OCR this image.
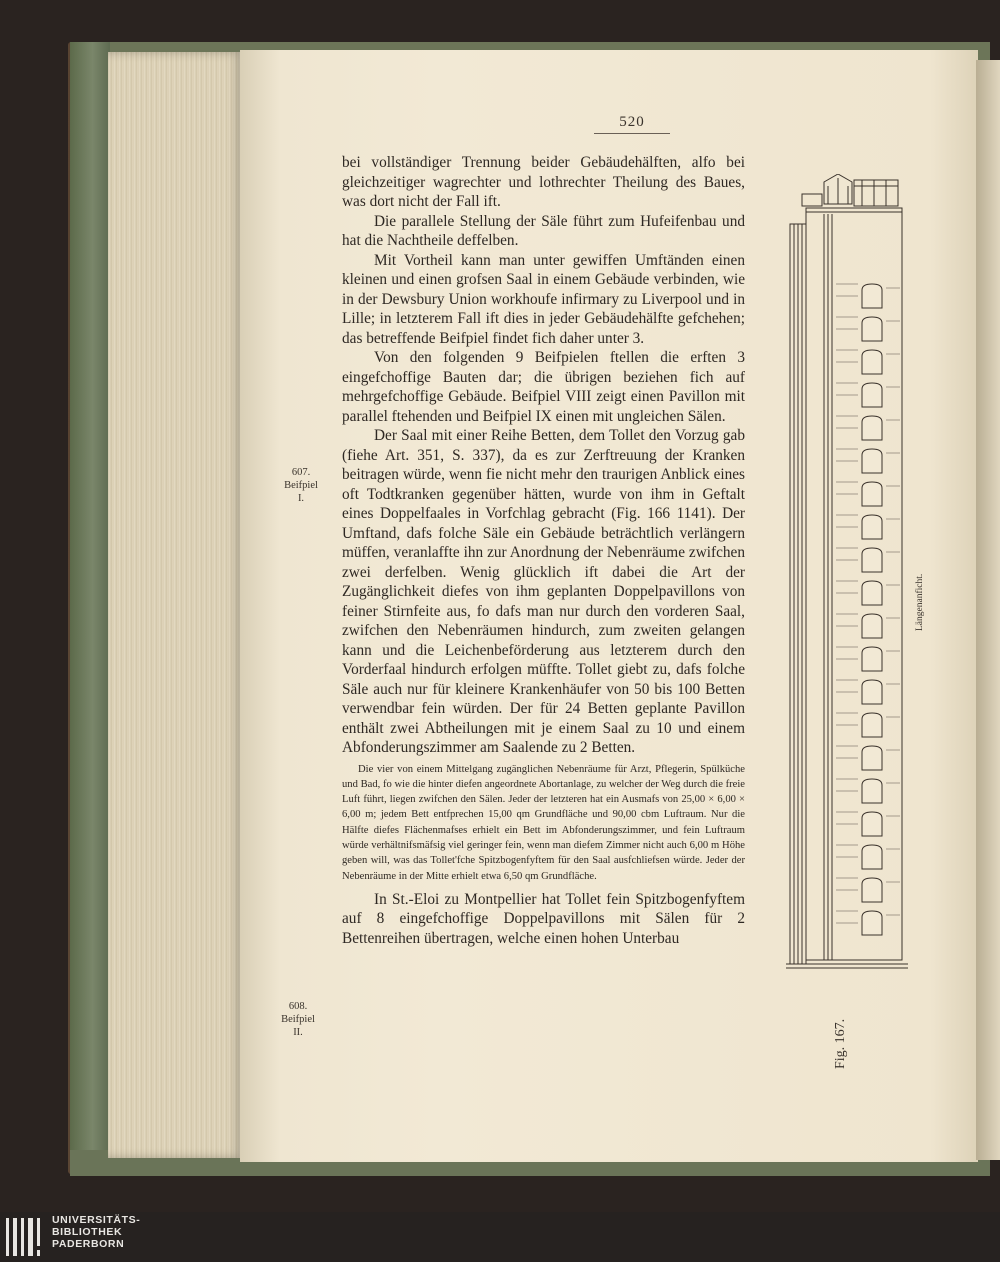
520
607.
Beifpiel
I.
608.
Beifpiel
II.

bei vollständiger Trennung beider Gebäudehälften, alfo bei gleichzeitiger wagrechter und lothrechter Theilung des Baues, was dort nicht der Fall ift.

Die parallele Stellung der Säle führt zum Hufeifenbau und hat die Nachtheile deffelben.

Mit Vortheil kann man unter gewiffen Umftänden einen kleinen und einen grofsen Saal in einem Gebäude verbinden, wie in der Dewsbury Union workhoufe infirmary zu Liverpool und in Lille; in letzterem Fall ift dies in jeder Gebäudehälfte gefchehen; das betreffende Beifpiel findet fich daher unter 3.

Von den folgenden 9 Beifpielen ftellen die erften 3 eingefchoffige Bauten dar; die übrigen beziehen fich auf mehrgefchoffige Gebäude. Beifpiel VIII zeigt einen Pavillon mit parallel ftehenden und Beifpiel IX einen mit ungleichen Sälen.

Der Saal mit einer Reihe Betten, dem Tollet den Vorzug gab (fiehe Art. 351, S. 337), da es zur Zerftreuung der Kranken beitragen würde, wenn fie nicht mehr den traurigen Anblick eines oft Todtkranken gegenüber hätten, wurde von ihm in Geftalt eines Doppelfaales in Vorfchlag gebracht (Fig. 166 1141). Der Umftand, dafs folche Säle ein Gebäude beträchtlich verlängern müffen, veranlaffte ihn zur Anordnung der Nebenräume zwifchen zwei derfelben. Wenig glücklich ift dabei die Art der Zugänglichkeit diefes von ihm geplanten Doppelpavillons von feiner Stirnfeite aus, fo dafs man nur durch den vorderen Saal, zwifchen den Nebenräumen hindurch, zum zweiten gelangen kann und die Leichenbeförderung aus letzterem durch den Vorderfaal hindurch erfolgen müffte. Tollet giebt zu, dafs folche Säle auch nur für kleinere Krankenhäufer von 50 bis 100 Betten verwendbar fein würden. Der für 24 Betten geplante Pavillon enthält zwei Abtheilungen mit je einem Saal zu 10 und einem Abfonderungszimmer am Saalende zu 2 Betten.

Die vier von einem Mittelgang zugänglichen Nebenräume für Arzt, Pflegerin, Spülküche und Bad, fo wie die hinter diefen angeordnete Abortanlage, zu welcher der Weg durch die freie Luft führt, liegen zwifchen den Sälen. Jeder der letzteren hat ein Ausmafs von 25,00 × 6,00 × 6,00 m; jedem Bett entfprechen 15,00 qm Grundfläche und 90,00 cbm Luftraum. Nur die Hälfte diefes Flächenmafses erhielt ein Bett im Abfonderungszimmer, und fein Luftraum würde verhältnifsmäfsig viel geringer fein, wenn man diefem Zimmer nicht auch 6,00 m Höhe geben will, was das Tollet'fche Spitzbogenfyftem für den Saal ausfchliefsen würde. Jeder der Nebenräume in der Mitte erhielt etwa 6,50 qm Grundfläche.

In St.-Eloi zu Montpellier hat Tollet fein Spitzbogenfyftem auf 8 eingefchoffige Doppelpavillons mit Sälen für 2 Bettenreihen übertragen, welche einen hohen Unterbau

Längenanficht.
Fig. 167.
UNIVERSITÄTS-
BIBLIOTHEK
PADERBORN
